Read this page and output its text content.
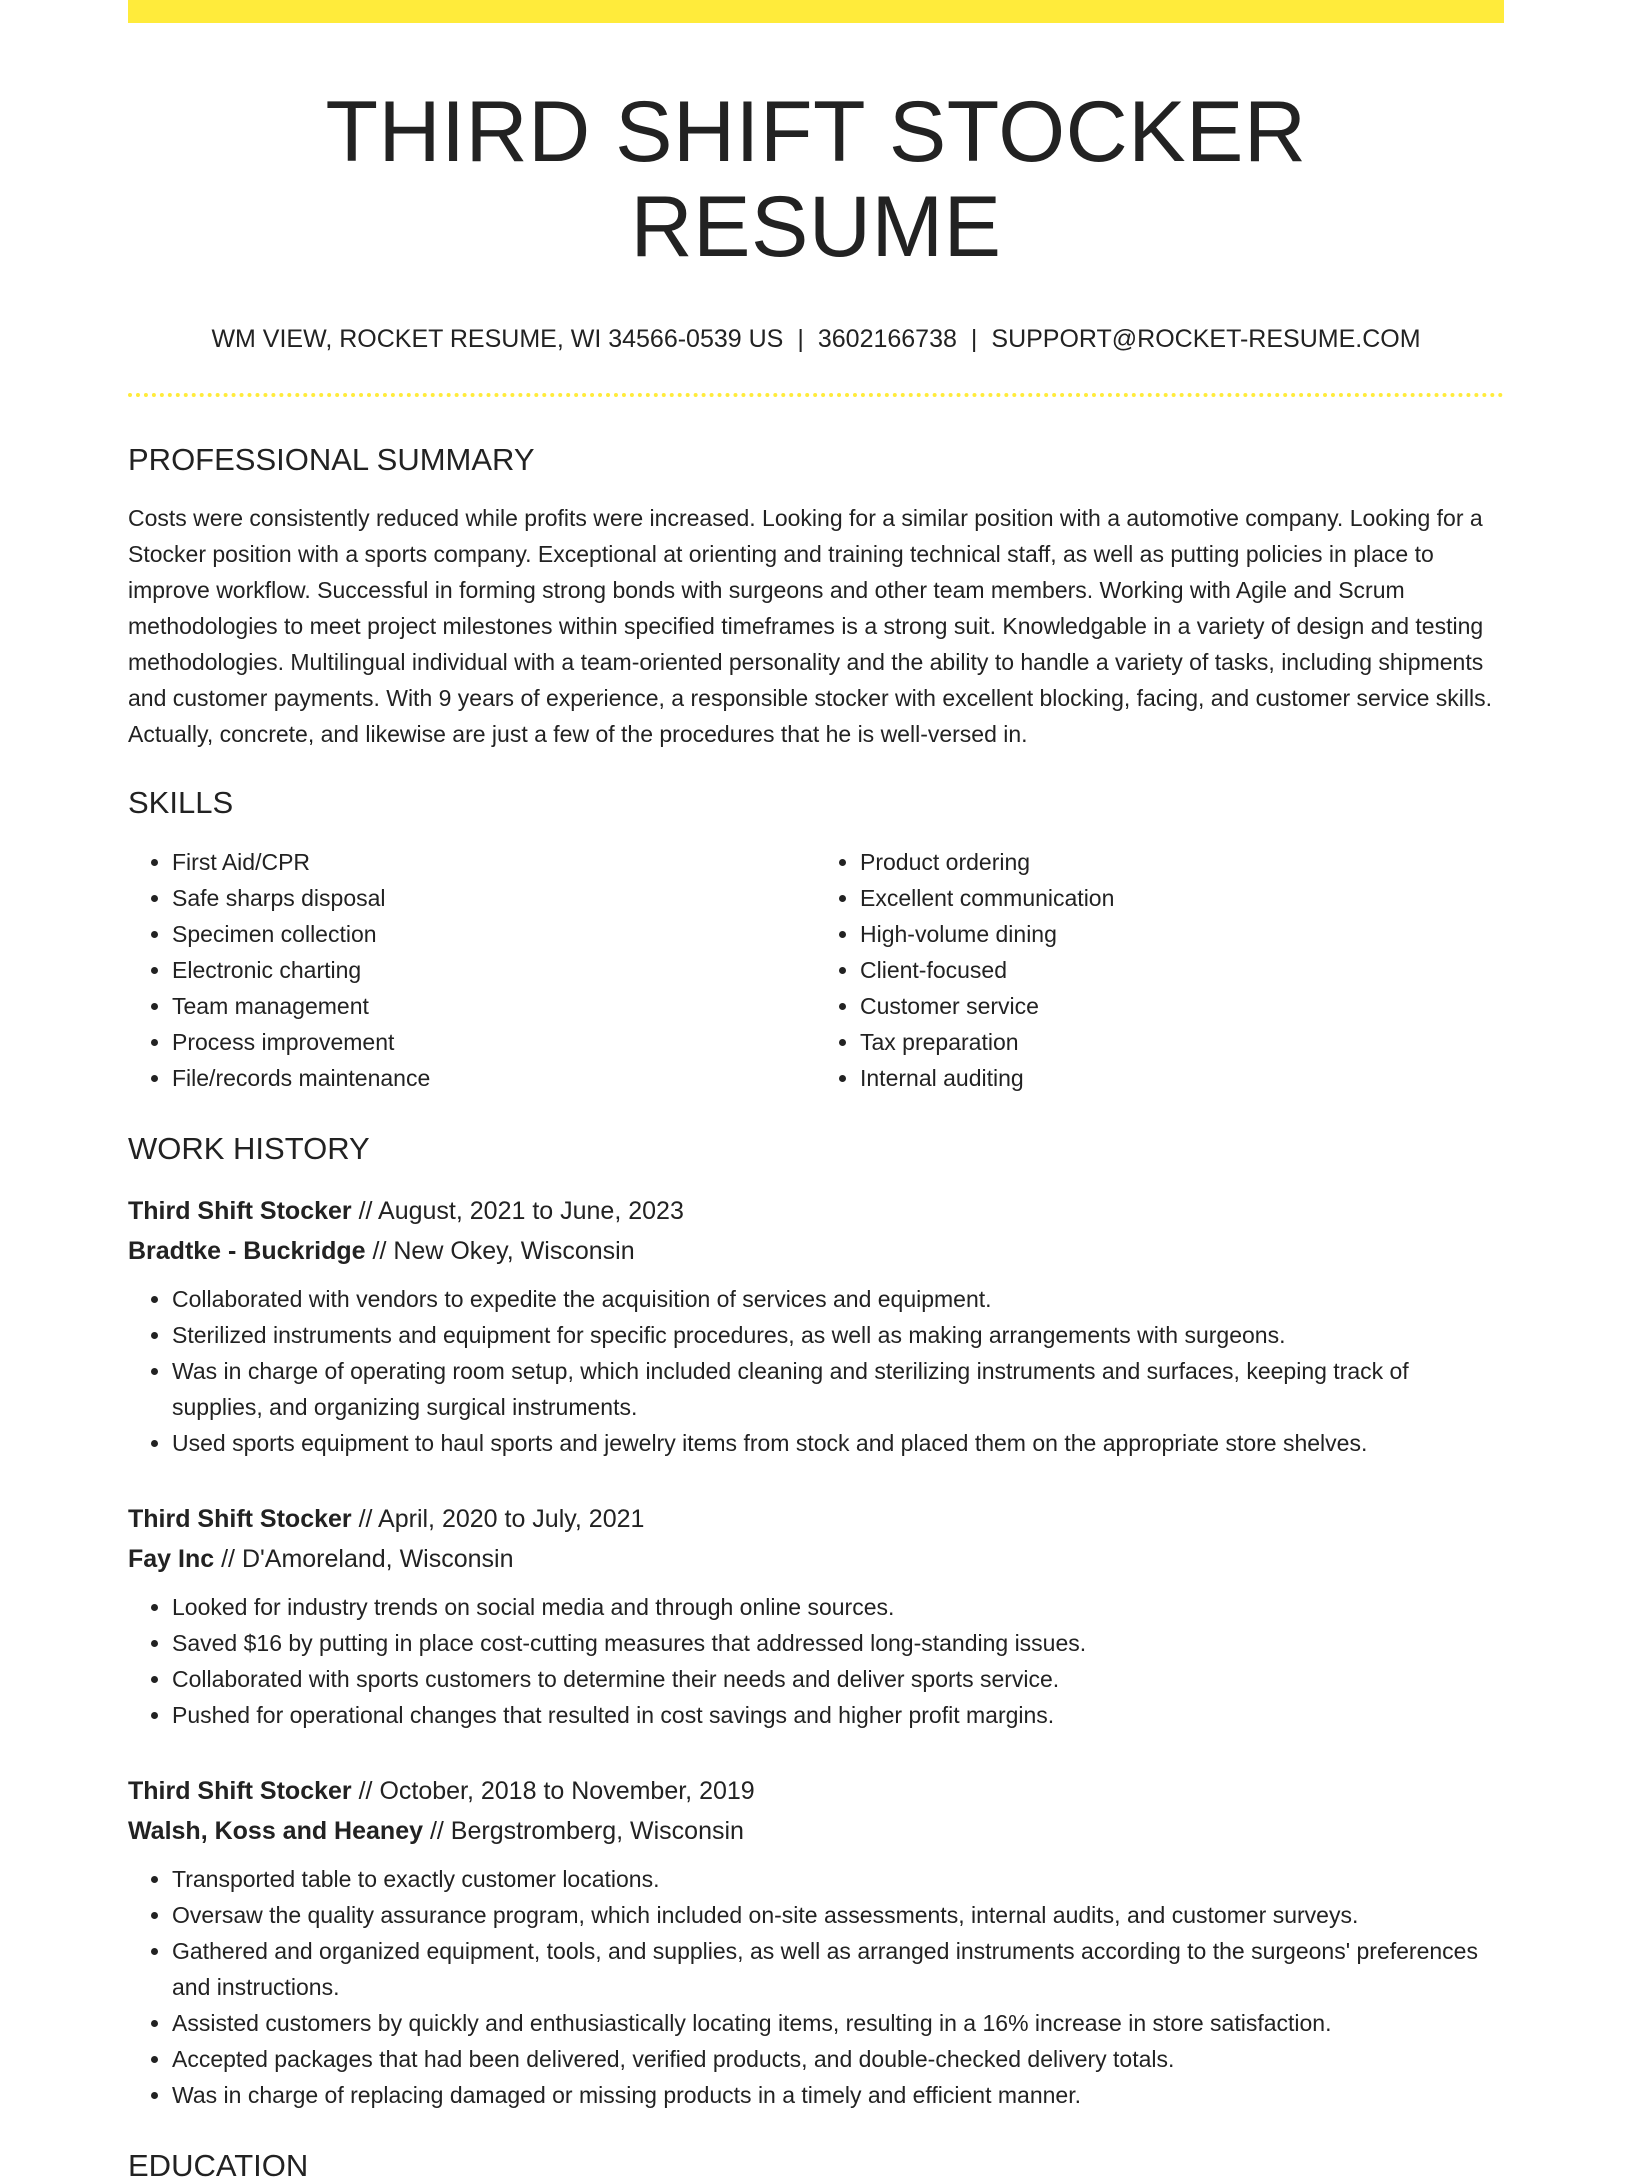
THIRD SHIFT STOCKER RESUME
WM VIEW, ROCKET RESUME, WI 34566-0539 US | 3602166738 | SUPPORT@ROCKET-RESUME.COM
PROFESSIONAL SUMMARY

Costs were consistently reduced while profits were increased. Looking for a similar position with a automotive company. Looking for a Stocker position with a sports company. Exceptional at orienting and training technical staff, as well as putting policies in place to improve workflow. Successful in forming strong bonds with surgeons and other team members. Working with Agile and Scrum methodologies to meet project milestones within specified timeframes is a strong suit. Knowledgable in a variety of design and testing methodologies. Multilingual individual with a team-oriented personality and the ability to handle a variety of tasks, including shipments and customer payments. With 9 years of experience, a responsible stocker with excellent blocking, facing, and customer service skills. Actually, concrete, and likewise are just a few of the procedures that he is well-versed in.

SKILLS
• First Aid/CPR
• Safe sharps disposal
• Specimen collection
• Electronic charting
• Team management
• Process improvement
• File/records maintenance
• Product ordering
• Excellent communication
• High-volume dining
• Client-focused
• Customer service
• Tax preparation
• Internal auditing
WORK HISTORY
Third Shift Stocker // August, 2021 to June, 2023
Bradtke - Buckridge // New Okey, Wisconsin
• Collaborated with vendors to expedite the acquisition of services and equipment.
• Sterilized instruments and equipment for specific procedures, as well as making arrangements with surgeons.
• Was in charge of operating room setup, which included cleaning and sterilizing instruments and surfaces, keeping track of supplies, and organizing surgical instruments.
• Used sports equipment to haul sports and jewelry items from stock and placed them on the appropriate store shelves.
Third Shift Stocker // April, 2020 to July, 2021
Fay Inc // D'Amoreland, Wisconsin
• Looked for industry trends on social media and through online sources.
• Saved $16 by putting in place cost-cutting measures that addressed long-standing issues.
• Collaborated with sports customers to determine their needs and deliver sports service.
• Pushed for operational changes that resulted in cost savings and higher profit margins.
Third Shift Stocker // October, 2018 to November, 2019
Walsh, Koss and Heaney // Bergstromberg, Wisconsin
• Transported table to exactly customer locations.
• Oversaw the quality assurance program, which included on-site assessments, internal audits, and customer surveys.
• Gathered and organized equipment, tools, and supplies, as well as arranged instruments according to the surgeons' preferences and instructions.
• Assisted customers by quickly and enthusiastically locating items, resulting in a 16% increase in store satisfaction.
• Accepted packages that had been delivered, verified products, and double-checked delivery totals.
• Was in charge of replacing damaged or missing products in a timely and efficient manner.
EDUCATION
